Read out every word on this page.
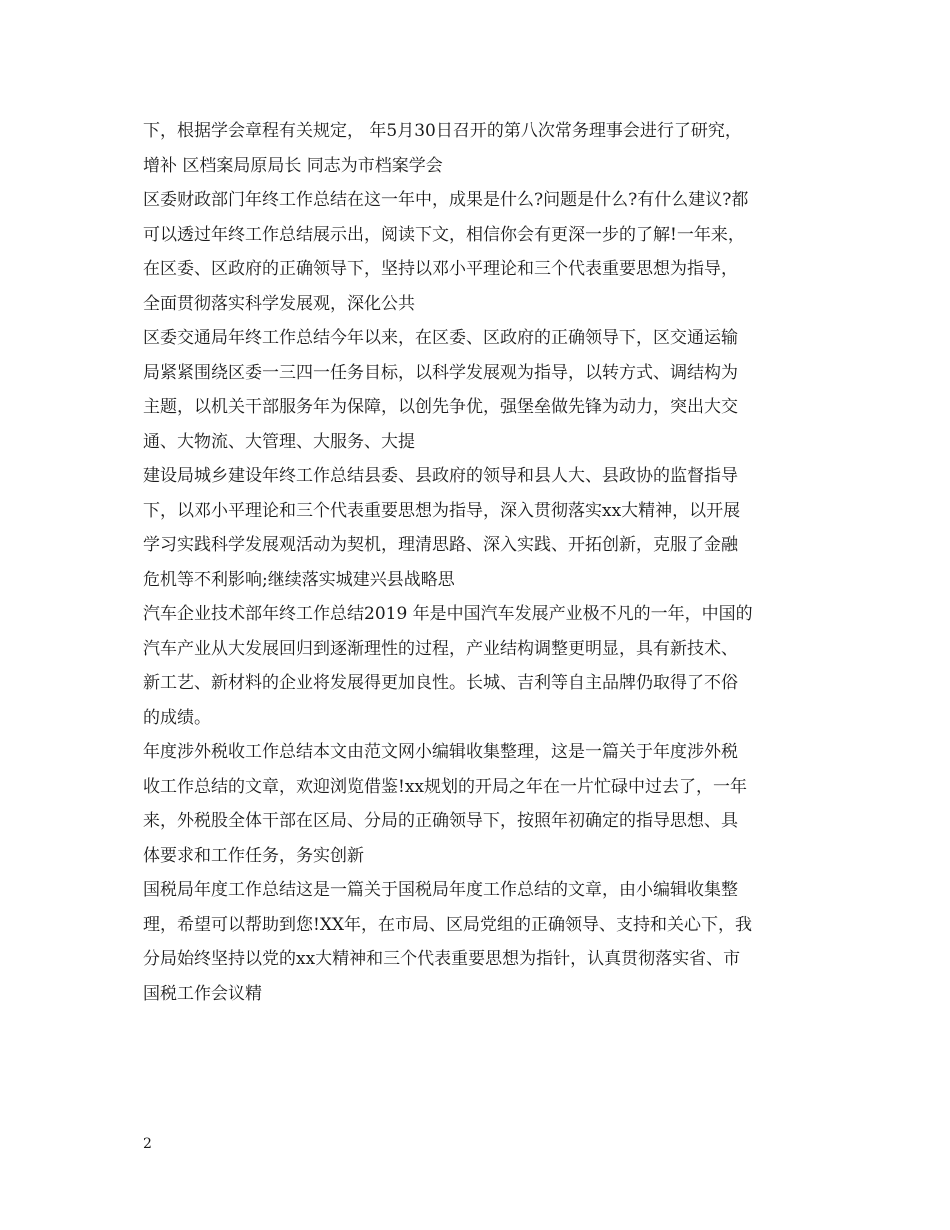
下，根据学会章程有关规定， 年5月30日召开的第八次常务理事会进行了研究，
增补 区档案局原局长 同志为市档案学会
区委财政部门年终工作总结在这一年中，成果是什么?问题是什么?有什么建议?都
可以透过年终工作总结展示出，阅读下文，相信你会有更深一步的了解!一年来，
在区委、区政府的正确领导下，坚持以邓小平理论和三个代表重要思想为指导，
全面贯彻落实科学发展观，深化公共
区委交通局年终工作总结今年以来，在区委、区政府的正确领导下，区交通运输
局紧紧围绕区委一三四一任务目标，以科学发展观为指导，以转方式、调结构为
主题，以机关干部服务年为保障，以创先争优，强堡垒做先锋为动力，突出大交
通、大物流、大管理、大服务、大提
建设局城乡建设年终工作总结县委、县政府的领导和县人大、县政协的监督指导
下，以邓小平理论和三个代表重要思想为指导，深入贯彻落实xx大精神，以开展
学习实践科学发展观活动为契机，理清思路、深入实践、开拓创新，克服了金融
危机等不利影响;继续落实城建兴县战略思
汽车企业技术部年终工作总结2019 年是中国汽车发展产业极不凡的一年，中国的
汽车产业从大发展回归到逐渐理性的过程，产业结构调整更明显，具有新技术、
新工艺、新材料的企业将发展得更加良性。长城、吉利等自主品牌仍取得了不俗
的成绩。
年度涉外税收工作总结本文由范文网小编辑收集整理，这是一篇关于年度涉外税
收工作总结的文章，欢迎浏览借鉴!xx规划的开局之年在一片忙碌中过去了，一年
来，外税股全体干部在区局、分局的正确领导下，按照年初确定的指导思想、具
体要求和工作任务，务实创新
国税局年度工作总结这是一篇关于国税局年度工作总结的文章，由小编辑收集整
理，希望可以帮助到您!XX年，在市局、区局党组的正确领导、支持和关心下，我
分局始终坚持以党的xx大精神和三个代表重要思想为指针，认真贯彻落实省、市
国税工作会议精
2
